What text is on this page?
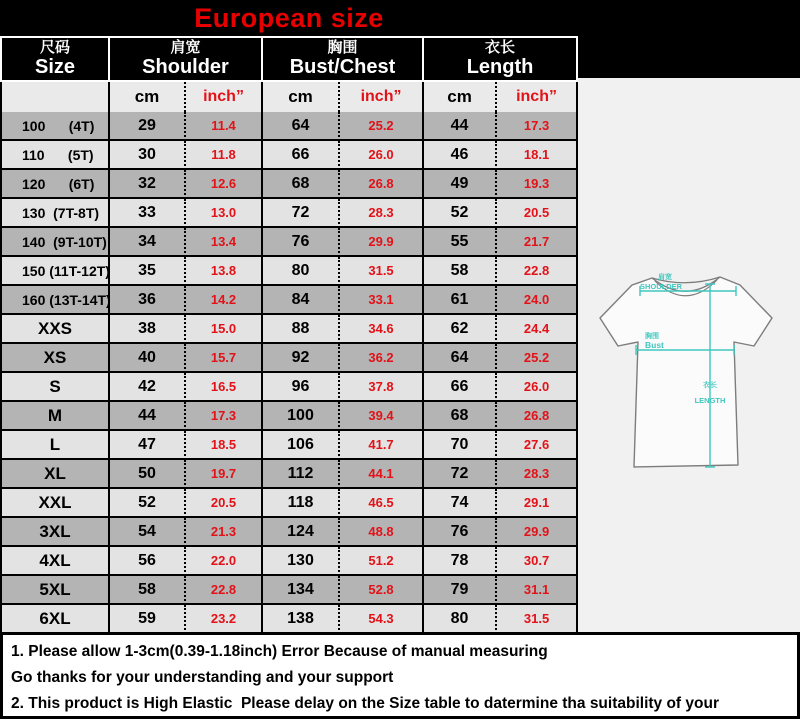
European size
尺码
Size

肩宽
Shoulder

胸围
Bust/Chest

衣长
Length

	cm	inch”	cm	inch”	cm	inch”
100      (4T)	29	11.4	64	25.2	44	17.3
110      (5T)	30	11.8	66	26.0	46	18.1
120      (6T)	32	12.6	68	26.8	49	19.3
130  (7T-8T)	33	13.0	72	28.3	52	20.5
140  (9T-10T)	34	13.4	76	29.9	55	21.7
150 (11T-12T)	35	13.8	80	31.5	58	22.8
160 (13T-14T)	36	14.2	84	33.1	61	24.0
XXS	38	15.0	88	34.6	62	24.4
XS	40	15.7	92	36.2	64	25.2
S	42	16.5	96	37.8	66	26.0
M	44	17.3	100	39.4	68	26.8
L	47	18.5	106	41.7	70	27.6
XL	50	19.7	112	44.1	72	28.3
XXL	52	20.5	118	46.5	74	29.1
3XL	54	21.3	124	48.8	76	29.9
4XL	56	22.0	130	51.2	78	30.7
5XL	58	22.8	134	52.8	79	31.1
6XL	59	23.2	138	54.3	80	31.5
肩宽
SHOULDER
胸围
Bust
衣长
LENGTH
1. Please allow 1-3cm(0.39-1.18inch) Error Because of manual measuring
Go thanks for your understanding and your support
2. This product is High Elastic  Please delay on the Size table to datermine tha suitability of your
